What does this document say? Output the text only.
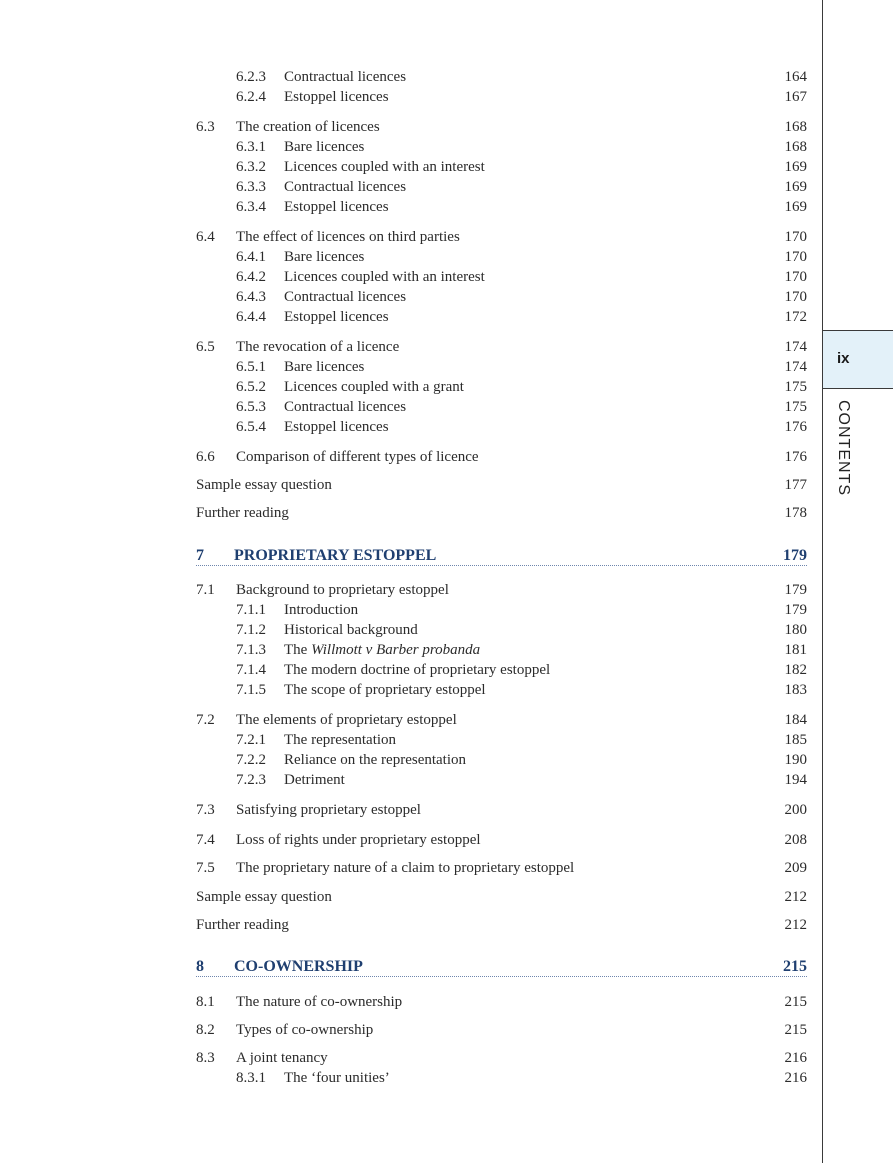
6.2.3 Contractual licences	164
6.2.4 Estoppel licences	167
6.3 The creation of licences	168
6.3.1 Bare licences	168
6.3.2 Licences coupled with an interest	169
6.3.3 Contractual licences	169
6.3.4 Estoppel licences	169
6.4 The effect of licences on third parties	170
6.4.1 Bare licences	170
6.4.2 Licences coupled with an interest	170
6.4.3 Contractual licences	170
6.4.4 Estoppel licences	172
6.5 The revocation of a licence	174
6.5.1 Bare licences	174
6.5.2 Licences coupled with a grant	175
6.5.3 Contractual licences	175
6.5.4 Estoppel licences	176
6.6 Comparison of different types of licence	176
Sample essay question	177
Further reading	178
7 PROPRIETARY ESTOPPEL	179
7.1 Background to proprietary estoppel	179
7.1.1 Introduction	179
7.1.2 Historical background	180
7.1.3 The Willmott v Barber probanda	181
7.1.4 The modern doctrine of proprietary estoppel	182
7.1.5 The scope of proprietary estoppel	183
7.2 The elements of proprietary estoppel	184
7.2.1 The representation	185
7.2.2 Reliance on the representation	190
7.2.3 Detriment	194
7.3 Satisfying proprietary estoppel	200
7.4 Loss of rights under proprietary estoppel	208
7.5 The proprietary nature of a claim to proprietary estoppel	209
Sample essay question	212
Further reading	212
8 CO-OWNERSHIP	215
8.1 The nature of co-ownership	215
8.2 Types of co-ownership	215
8.3 A joint tenancy	216
8.3.1 The ‘four unities’	216
ix
CONTENTS
